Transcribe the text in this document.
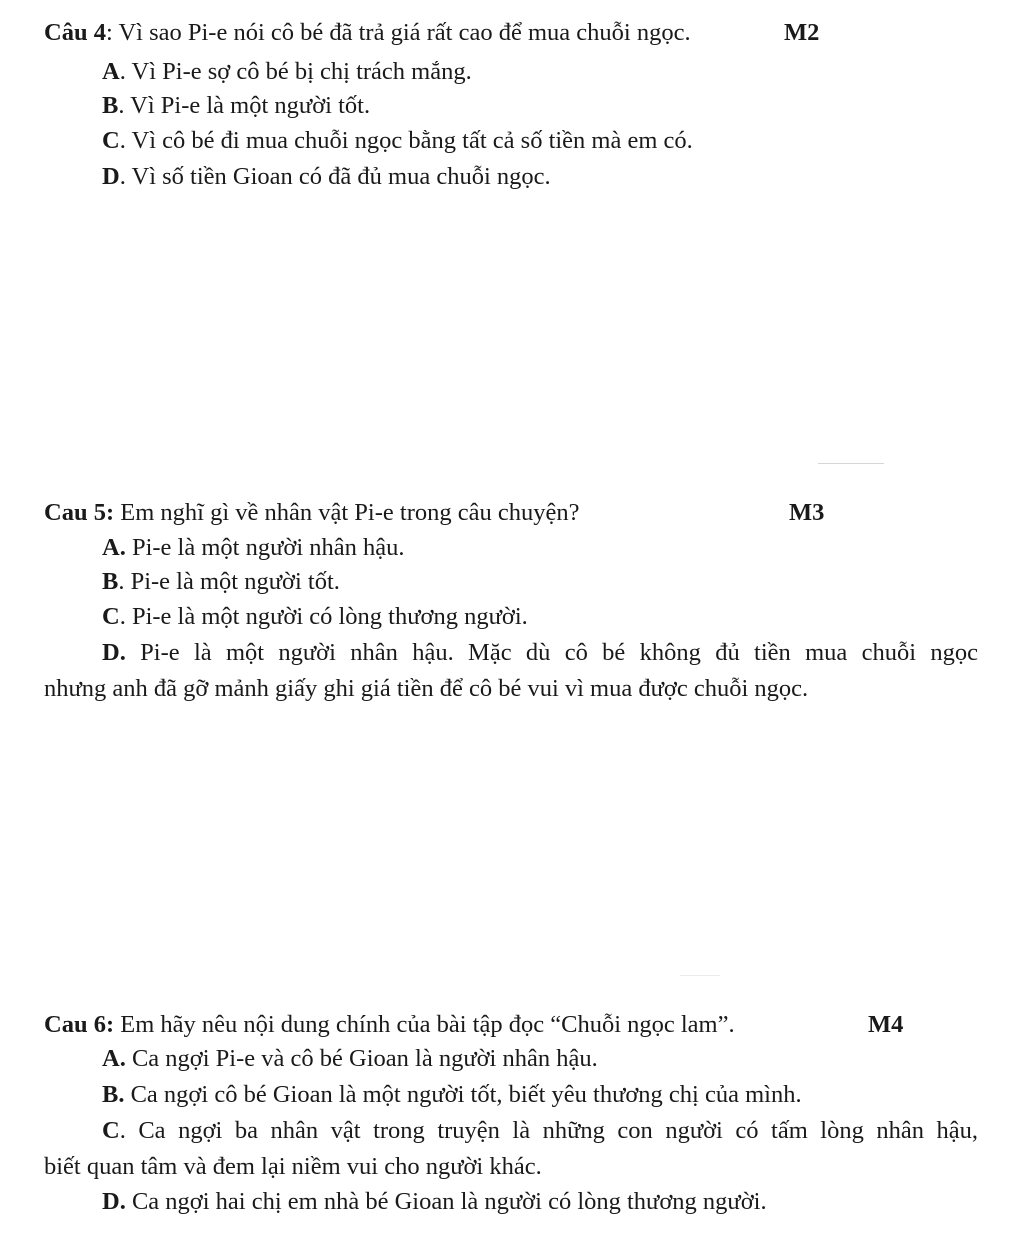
Câu 4: Vì sao Pi-e nói cô bé đã trả giá rất cao để mua chuỗi ngọc.	M2
A. Vì Pi-e sợ cô bé bị chị trách mắng.
B. Vì Pi-e là một người tốt.
C. Vì cô bé đi mua chuỗi ngọc bằng tất cả số tiền mà em có.
D. Vì số tiền Gioan có đã đủ mua chuỗi ngọc.
Cau 5: Em nghĩ gì về nhân vật Pi-e trong câu chuyện?	M3
A. Pi-e là một người nhân hậu.
B. Pi-e là một người tốt.
C. Pi-e là một người có lòng thương người.
D. Pi-e là một người nhân hậu. Mặc dù cô bé không đủ tiền mua chuỗi ngọc
nhưng anh đã gỡ mảnh giấy ghi giá tiền để cô bé vui vì mua được chuỗi ngọc.
Cau 6: Em hãy nêu nội dung chính của bài tập đọc “Chuỗi ngọc lam”.	M4
A. Ca ngợi Pi-e và cô bé Gioan là người nhân hậu.
B. Ca ngợi cô bé Gioan là một người tốt, biết yêu thương chị của mình.
C. Ca ngợi ba nhân vật trong truyện là những con người có tấm lòng nhân hậu,
biết quan tâm và đem lại niềm vui cho người khác.
D. Ca ngợi hai chị em nhà bé Gioan là người có lòng thương người.
